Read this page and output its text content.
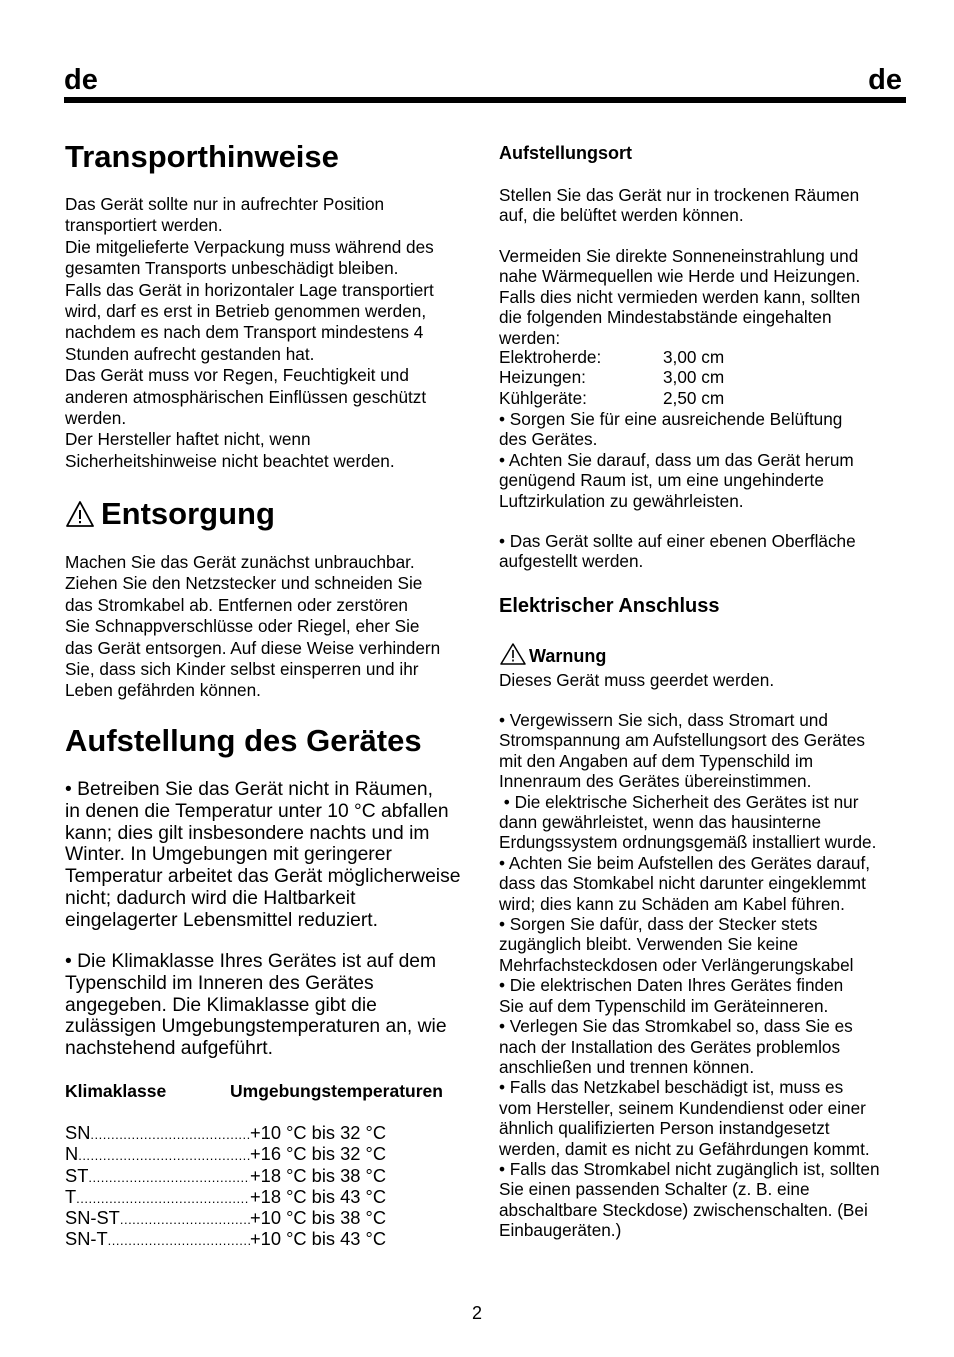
de	de
Transporthinweise
Das Gerät sollte nur in aufrechter Position
transportiert werden.
Die mitgelieferte Verpackung muss während des
gesamten Transports unbeschädigt bleiben.
Falls das Gerät in horizontaler Lage transportiert
wird, darf es erst in Betrieb genommen werden,
nachdem es nach dem Transport mindestens 4
Stunden aufrecht gestanden hat.
Das Gerät muss vor Regen, Feuchtigkeit und
anderen atmosphärischen Einflüssen geschützt
werden.
Der Hersteller haftet nicht, wenn
Sicherheitshinweise nicht beachtet werden.
Entsorgung
Machen Sie das Gerät zunächst unbrauchbar.
Ziehen Sie den Netzstecker und schneiden Sie
das Stromkabel ab. Entfernen oder zerstören
Sie Schnappverschlüsse oder Riegel, eher Sie
das Gerät entsorgen. Auf diese Weise verhindern
Sie, dass sich Kinder selbst einsperren und ihr
Leben gefährden können.
Aufstellung des Gerätes
• Betreiben Sie das Gerät nicht in Räumen,
in denen die Temperatur unter 10 °C abfallen
kann; dies gilt insbesondere nachts und im
Winter. In Umgebungen mit geringerer
Temperatur arbeitet das Gerät möglicherweise
nicht; dadurch wird die Haltbarkeit
eingelagerter Lebensmittel reduziert.
• Die Klimaklasse Ihres Gerätes ist auf dem
Typenschild im Inneren des Gerätes
angegeben. Die Klimaklasse gibt die
zulässigen Umgebungstemperaturen an, wie
nachstehend aufgeführt.
Klimaklasse	Umgebungstemperaturen
SN .....	+10 °C bis 32 °C
N .....	+16 °C bis 32 °C
ST .....	+18 °C bis 38 °C
T .....	+18 °C bis 43 °C
SN-ST .....	+10 °C bis 38 °C
SN-T .....	+10 °C bis 43 °C
Aufstellungsort
Stellen Sie das Gerät nur in trockenen Räumen
auf, die belüftet werden können.
Vermeiden Sie direkte Sonneneinstrahlung und
nahe Wärmequellen wie Herde und Heizungen.
Falls dies nicht vermieden werden kann, sollten
die folgenden Mindestabstände eingehalten
werden:
Elektroherde:	3,00 cm
Heizungen:	3,00 cm
Kühlgeräte:	2,50 cm
• Sorgen Sie für eine ausreichende Belüftung
des Gerätes.
• Achten Sie darauf, dass um das Gerät herum
genügend Raum ist, um eine ungehinderte
Luftzirkulation zu gewährleisten.
• Das Gerät sollte auf einer ebenen Oberfläche
aufgestellt werden.
Elektrischer Anschluss
Warnung
Dieses Gerät muss geerdet werden.
• Vergewissern Sie sich, dass Stromart und
Stromspannung am Aufstellungsort des Gerätes
mit den Angaben auf dem Typenschild im
Innenraum des Gerätes übereinstimmen.
• Die elektrische Sicherheit des Gerätes ist nur
dann gewährleistet, wenn das hausinterne
Erdungssystem ordnungsgemäß installiert wurde.
• Achten Sie beim Aufstellen des Gerätes darauf,
dass das Stomkabel nicht darunter eingeklemmt
wird; dies kann zu Schäden am Kabel führen.
• Sorgen Sie dafür, dass der Stecker stets
zugänglich bleibt. Verwenden Sie keine
Mehrfachsteckdosen oder Verlängerungskabel
• Die elektrischen Daten Ihres Gerätes finden
Sie auf dem Typenschild im Geräteinneren.
• Verlegen Sie das Stromkabel so, dass Sie es
nach der Installation des Gerätes problemlos
anschließen und trennen können.
• Falls das Netzkabel beschädigt ist, muss es
vom Hersteller, seinem Kundendienst oder einer
ähnlich qualifizierten Person instandgesetzt
werden, damit es nicht zu Gefährdungen kommt.
• Falls das Stromkabel nicht zugänglich ist, sollten
Sie einen passenden Schalter (z. B. eine
abschaltbare Steckdose) zwischenschalten. (Bei
Einbaugeräten.)
2
